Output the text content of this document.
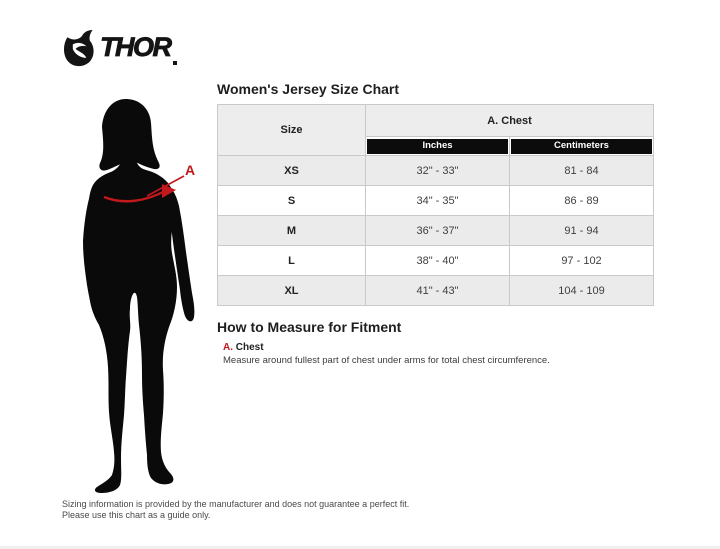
THOR
A
Women's Jersey Size Chart
Size	A. Chest	

	Inches	Centimeters

XS	32" - 33"	81 - 84
S	34" - 35"	86 - 89
M	36" - 37"	91 - 94
L	38" - 40"	97 - 102
XL	41" - 43"	104 - 109
How to Measure for Fitment

A. Chest

Measure around fullest part of chest under arms for total chest circumference.

Sizing information is provided by the manufacturer and does not guarantee a perfect fit.
Please use this chart as a guide only.
